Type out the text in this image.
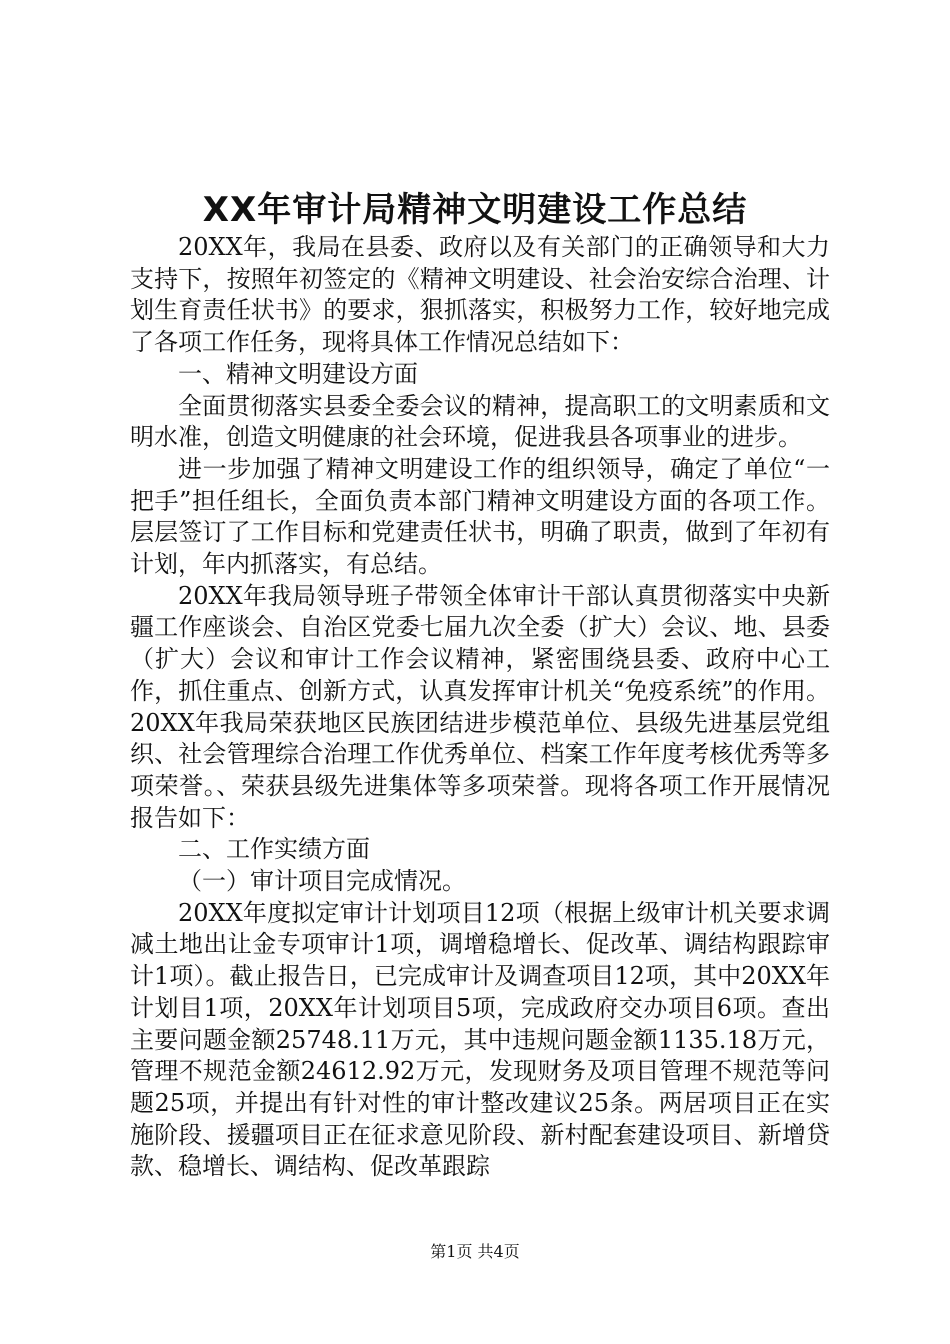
XX年审计局精神文明建设工作总结

20XX年，我局在县委、政府以及有关部门的正确领导和大力支持下，按照年初签定的《精神文明建设、社会治安综合治理、计划生育责任状书》的要求，狠抓落实，积极努力工作，较好地完成了各项工作任务，现将具体工作情况总结如下：

一、精神文明建设方面

全面贯彻落实县委全委会议的精神，提高职工的文明素质和文明水准，创造文明健康的社会环境，促进我县各项事业的进步。

进一步加强了精神文明建设工作的组织领导，确定了单位“一把手”担任组长，全面负责本部门精神文明建设方面的各项工作。层层签订了工作目标和党建责任状书，明确了职责，做到了年初有计划，年内抓落实，有总结。

20XX年我局领导班子带领全体审计干部认真贯彻落实中央新疆工作座谈会、自治区党委七届九次全委（扩大）会议、地、县委（扩大）会议和审计工作会议精神，紧密围绕县委、政府中心工作，抓住重点、创新方式，认真发挥审计机关“免疫系统”的作用。20XX年我局荣获地区民族团结进步模范单位、县级先进基层党组织、社会管理综合治理工作优秀单位、档案工作年度考核优秀等多项荣誉。、荣获县级先进集体等多项荣誉。现将各项工作开展情况报告如下：

二、工作实绩方面

（一）审计项目完成情况。

20XX年度拟定审计计划项目12项（根据上级审计机关要求调减土地出让金专项审计1项，调增稳增长、促改革、调结构跟踪审计1项）。截止报告日，已完成审计及调查项目12项，其中20XX年计划目1项，20XX年计划项目5项，完成政府交办项目6项。查出主要问题金额25748.11万元，其中违规问题金额1135.18万元，管理不规范金额24612.92万元，发现财务及项目管理不规范等问题25项，并提出有针对性的审计整改建议25条。两居项目正在实施阶段、援疆项目正在征求意见阶段、新村配套建设项目、新增贷款、稳增长、调结构、促改革跟踪

第1页 共4页
